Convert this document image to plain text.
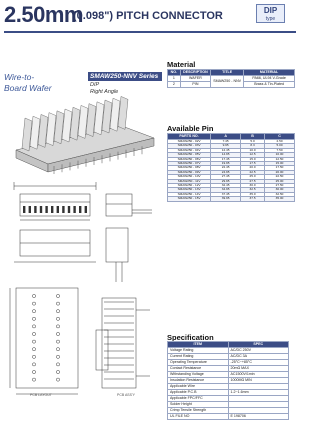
2.50mm
(0.098") PITCH CONNECTOR	DIP
type
Wire-to-Board Wafer
SMAW250-NNV Series
DIP
Right Angle
PCB LAYOUT	PCB ASS'Y
Material
NO.	DESCRIPTION	TITLE	MATERIAL
1	WAFER	SMAW250 - NNV	PA66, UL94 V-Grade
2	PIN		Brass & Tin-Plated
Available Pin
PARTS NO.	A	B	C
SMAW250 - 02V	7.45	5.0	2.50
SMAW250 - 03V	9.95	8.3	5.00
SMAW250 - 04V	12.45	10.0	7.50
SMAW250 - 05V	14.95	12.5	10.00
SMAW250 - 06V	17.45	15.0	12.50
SMAW250 - 07V	19.95	17.5	15.00
SMAW250 - 08V	22.45	20.0	17.50
SMAW250 - 09V	24.95	22.5	20.00
SMAW250 - 10V	27.45	25.0	22.50
SMAW250 - 11V	29.95	27.5	25.00
SMAW250 - 12V	32.45	30.0	27.50
SMAW250 - 13V	34.95	32.5	30.00
SMAW250 - 14V	37.45	35.0	32.50
SMAW250 - 15V	39.95	37.5	35.00
Specification
ITEM	SPEC
Voltage Rating	AC/DC 250V
Current Rating	AC/DC 3A
Operating Temperature	-25°C~+85°C
Contact Resistance	20mΩ MAX
Withstanding Voltage	AC1500V/1min
Insulation Resistance	1000MΩ MIN
Applicable Wire	
Applicable P.C.B	1.2~1.6mm
Applicable FPC/FFC	
Solder Height	
Crimp Tensile Strength	
UL FILE NO	E 198706
